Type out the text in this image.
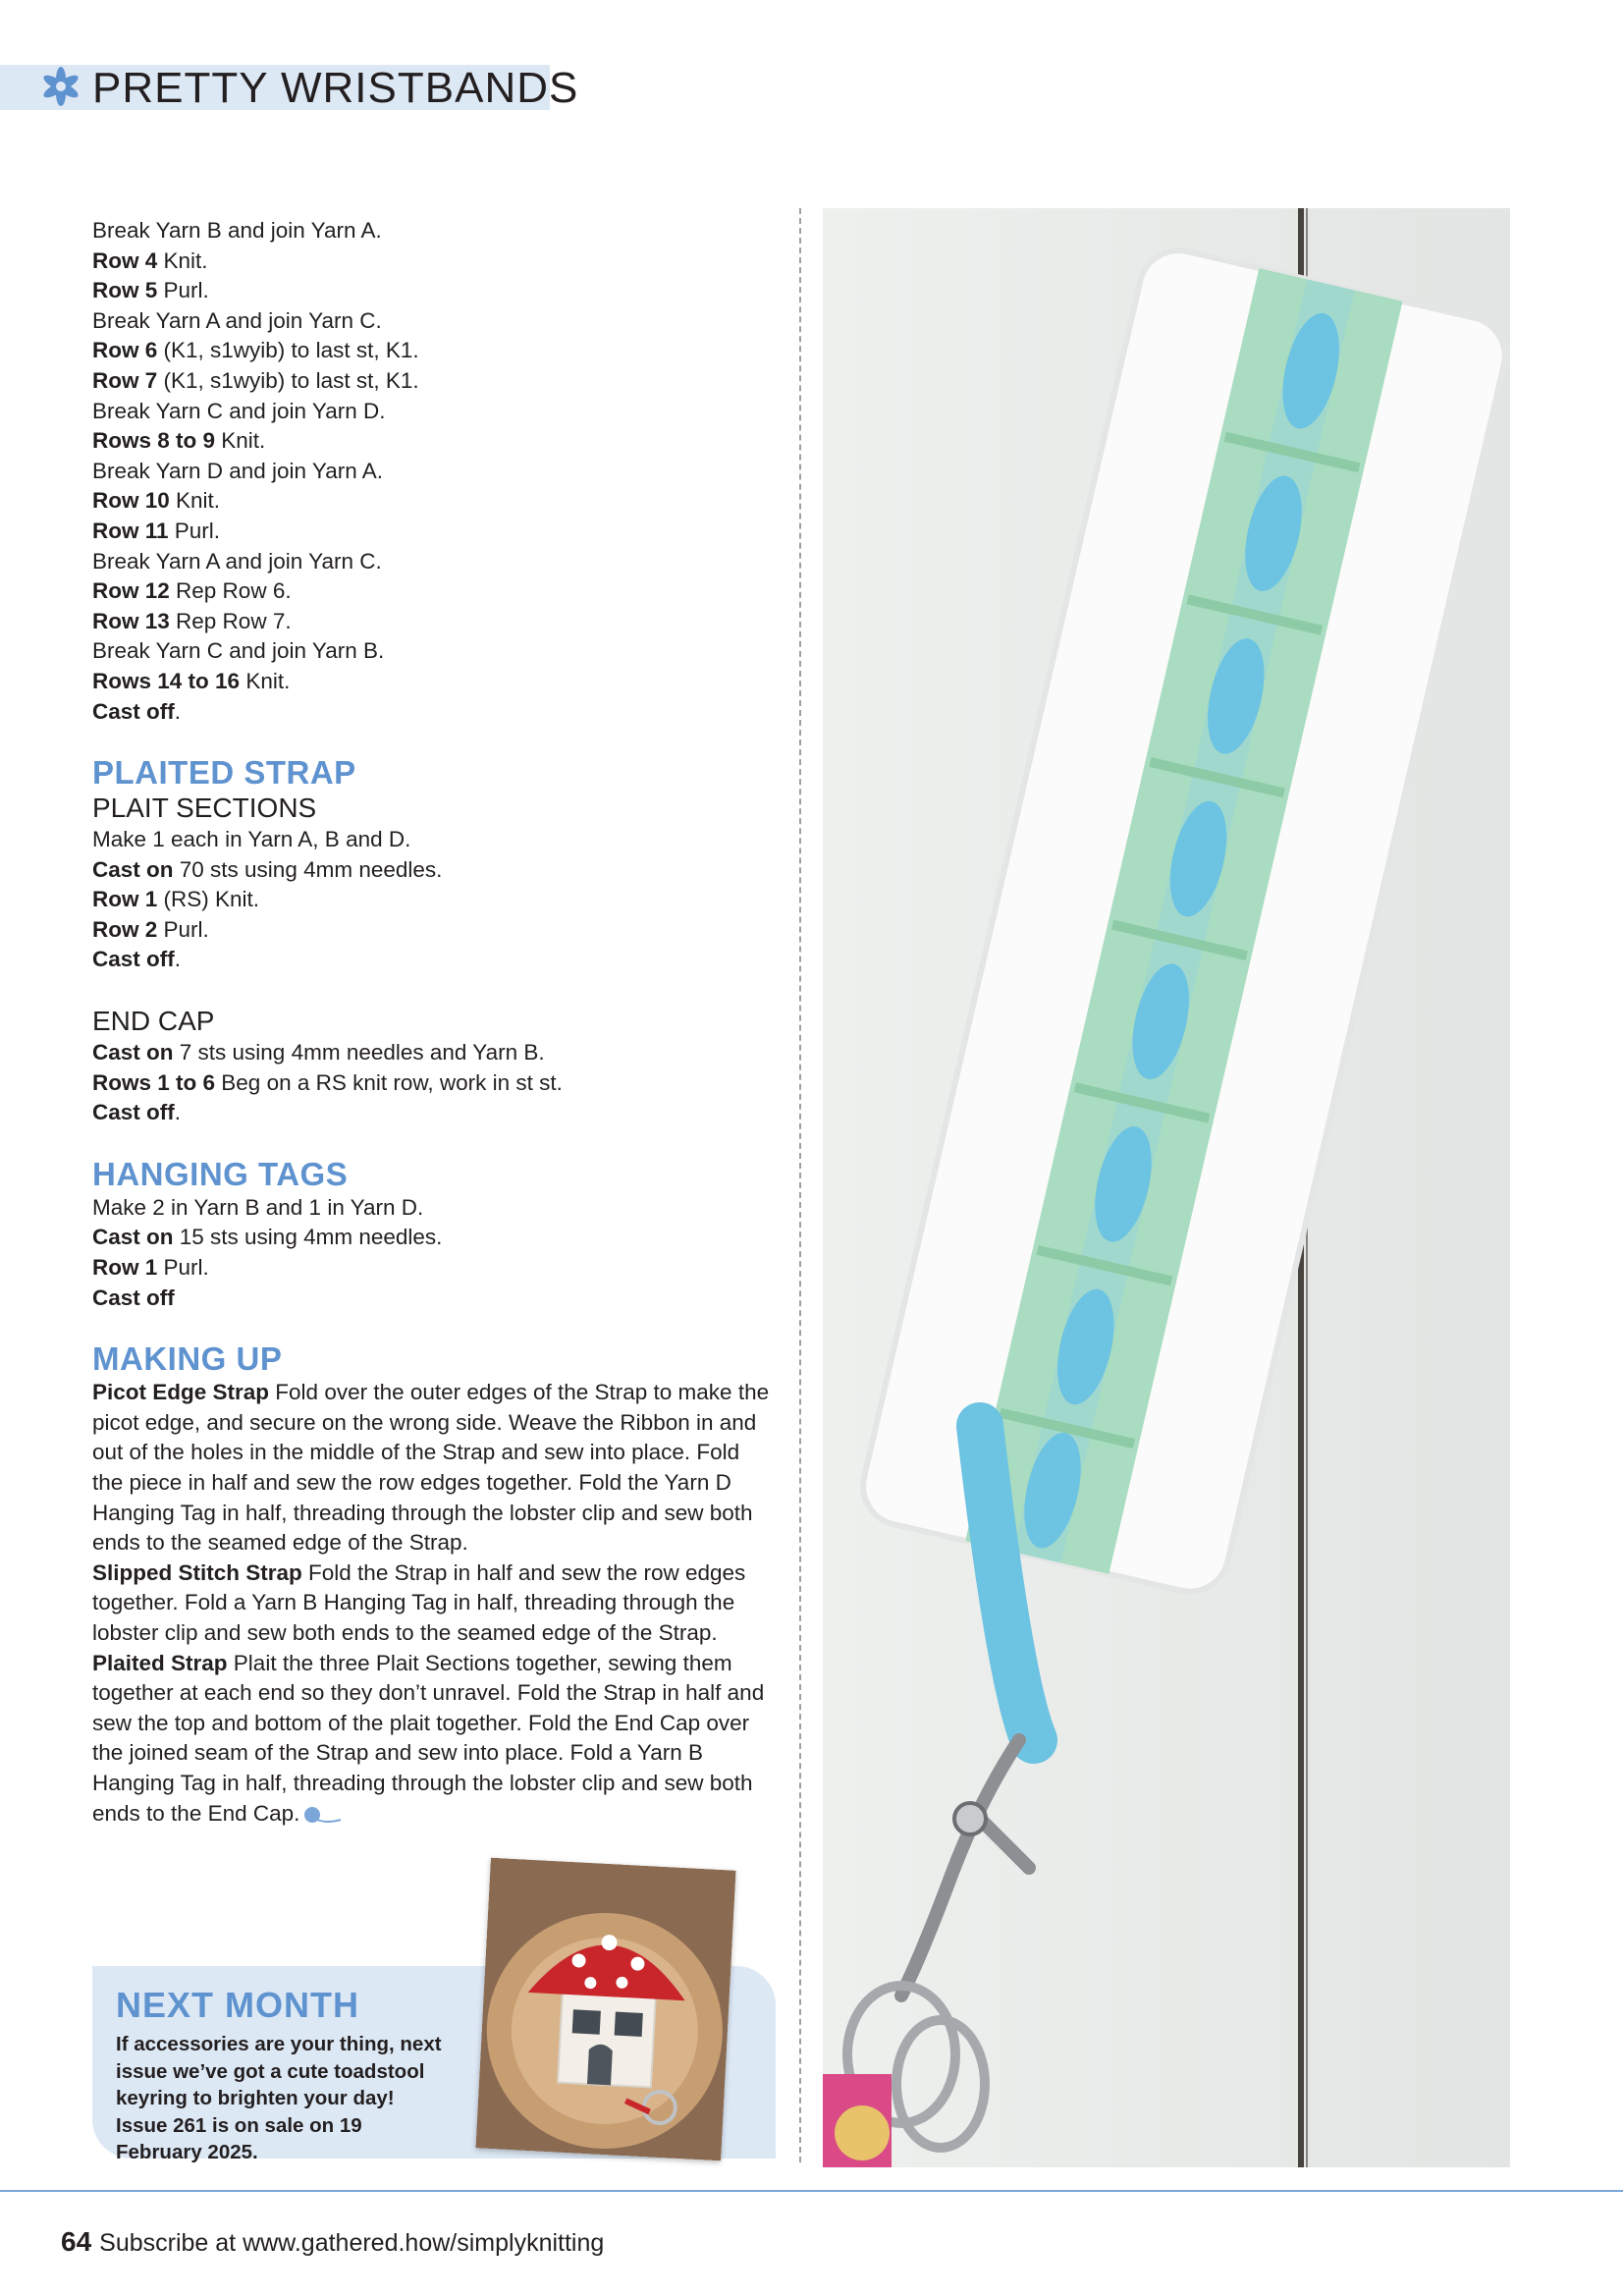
PRETTY WRISTBANDS
Break Yarn B and join Yarn A.
Row 4 Knit.
Row 5 Purl.
Break Yarn A and join Yarn C.
Row 6 (K1, s1wyib) to last st, K1.
Row 7 (K1, s1wyib) to last st, K1.
Break Yarn C and join Yarn D.
Rows 8 to 9 Knit.
Break Yarn D and join Yarn A.
Row 10 Knit.
Row 11 Purl.
Break Yarn A and join Yarn C.
Row 12 Rep Row 6.
Row 13 Rep Row 7.
Break Yarn C and join Yarn B.
Rows 14 to 16 Knit.
Cast off.
PLAITED STRAP
PLAIT SECTIONS
Make 1 each in Yarn A, B and D.
Cast on 70 sts using 4mm needles.
Row 1 (RS) Knit.
Row 2 Purl.
Cast off.
END CAP
Cast on 7 sts using 4mm needles and Yarn B.
Rows 1 to 6 Beg on a RS knit row, work in st st.
Cast off.
HANGING TAGS
Make 2 in Yarn B and 1 in Yarn D.
Cast on 15 sts using 4mm needles.
Row 1 Purl.
Cast off
MAKING UP

Picot Edge Strap Fold over the outer edges of the Strap to make the picot edge, and secure on the wrong side. Weave the Ribbon in and out of the holes in the middle of the Strap and sew into place. Fold the piece in half and sew the row edges together. Fold the Yarn D Hanging Tag in half, threading through the lobster clip and sew both ends to the seamed edge of the Strap.

Slipped Stitch Strap Fold the Strap in half and sew the row edges together. Fold a Yarn B Hanging Tag in half, threading through the lobster clip and sew both ends to the seamed edge of the Strap.

Plaited Strap Plait the three Plait Sections together, sewing them together at each end so they don’t unravel. Fold the Strap in half and sew the top and bottom of the plait together. Fold the End Cap over the joined seam of the Strap and sew into place. Fold a Yarn B Hanging Tag in half, threading through the lobster clip and sew both ends to the End Cap.

NEXT MONTH
If accessories are your thing, next issue we’ve got a cute toadstool keyring to brighten your day! Issue 261 is on sale on 19 February 2025.
64 Subscribe at www.gathered.how/simplyknitting
